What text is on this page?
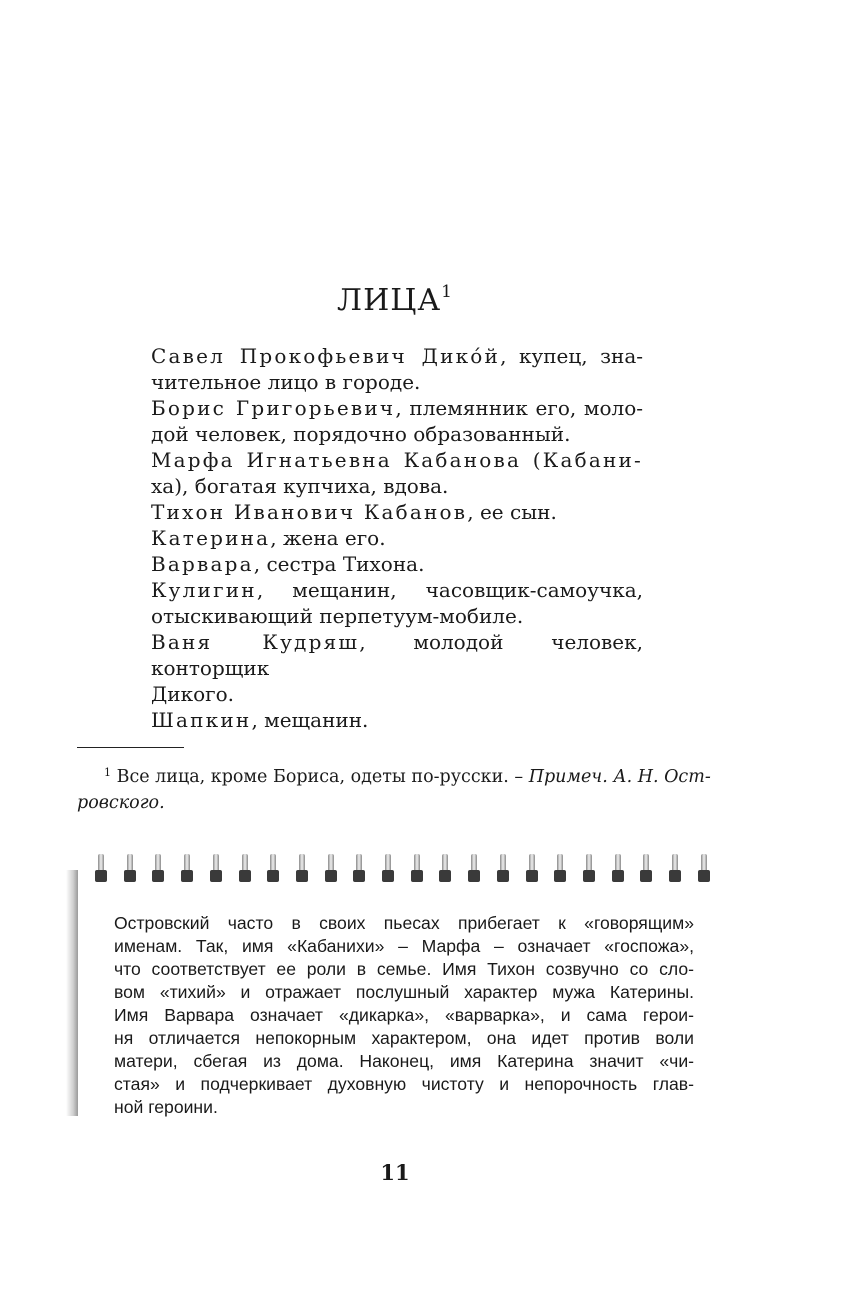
ЛИЦА$^1$
Савел Прокофьевич Дико́й, купец, зна-
чительное лицо в городе.
Борис Григорьевич, племянник его, моло-
дой человек, порядочно образованный.
Марфа Игнатьевна Кабанова (Кабани-
ха), богатая купчиха, вдова.
Тихон Иванович Кабанов, ее сын.
Катерина, жена его.
Варвара, сестра Тихона.
Кулигин, мещанин, часовщик-самоучка,
отыскивающий перпетуум-мобиле.
Ваня Кудряш, молодой человек, конторщик
Дикого.
Шапкин, мещанин.
$^1$ Все лица, кроме Бориса, одеты по-русски. – Примеч. А. Н. Ост-
ровского.
Островский часто в своих пьесах прибегает к «говорящим»
именам. Так, имя «Кабанихи» – Марфа – означает «госпожа»,
что соответствует ее роли в семье. Имя Тихон созвучно со сло-
вом «тихий» и отражает послушный характер мужа Катерины.
Имя Варвара означает «дикарка», «варварка», и сама герои-
ня отличается непокорным характером, она идет против воли
матери, сбегая из дома. Наконец, имя Катерина значит «чи-
стая» и подчеркивает духовную чистоту и непорочность глав-
ной героини.
11
